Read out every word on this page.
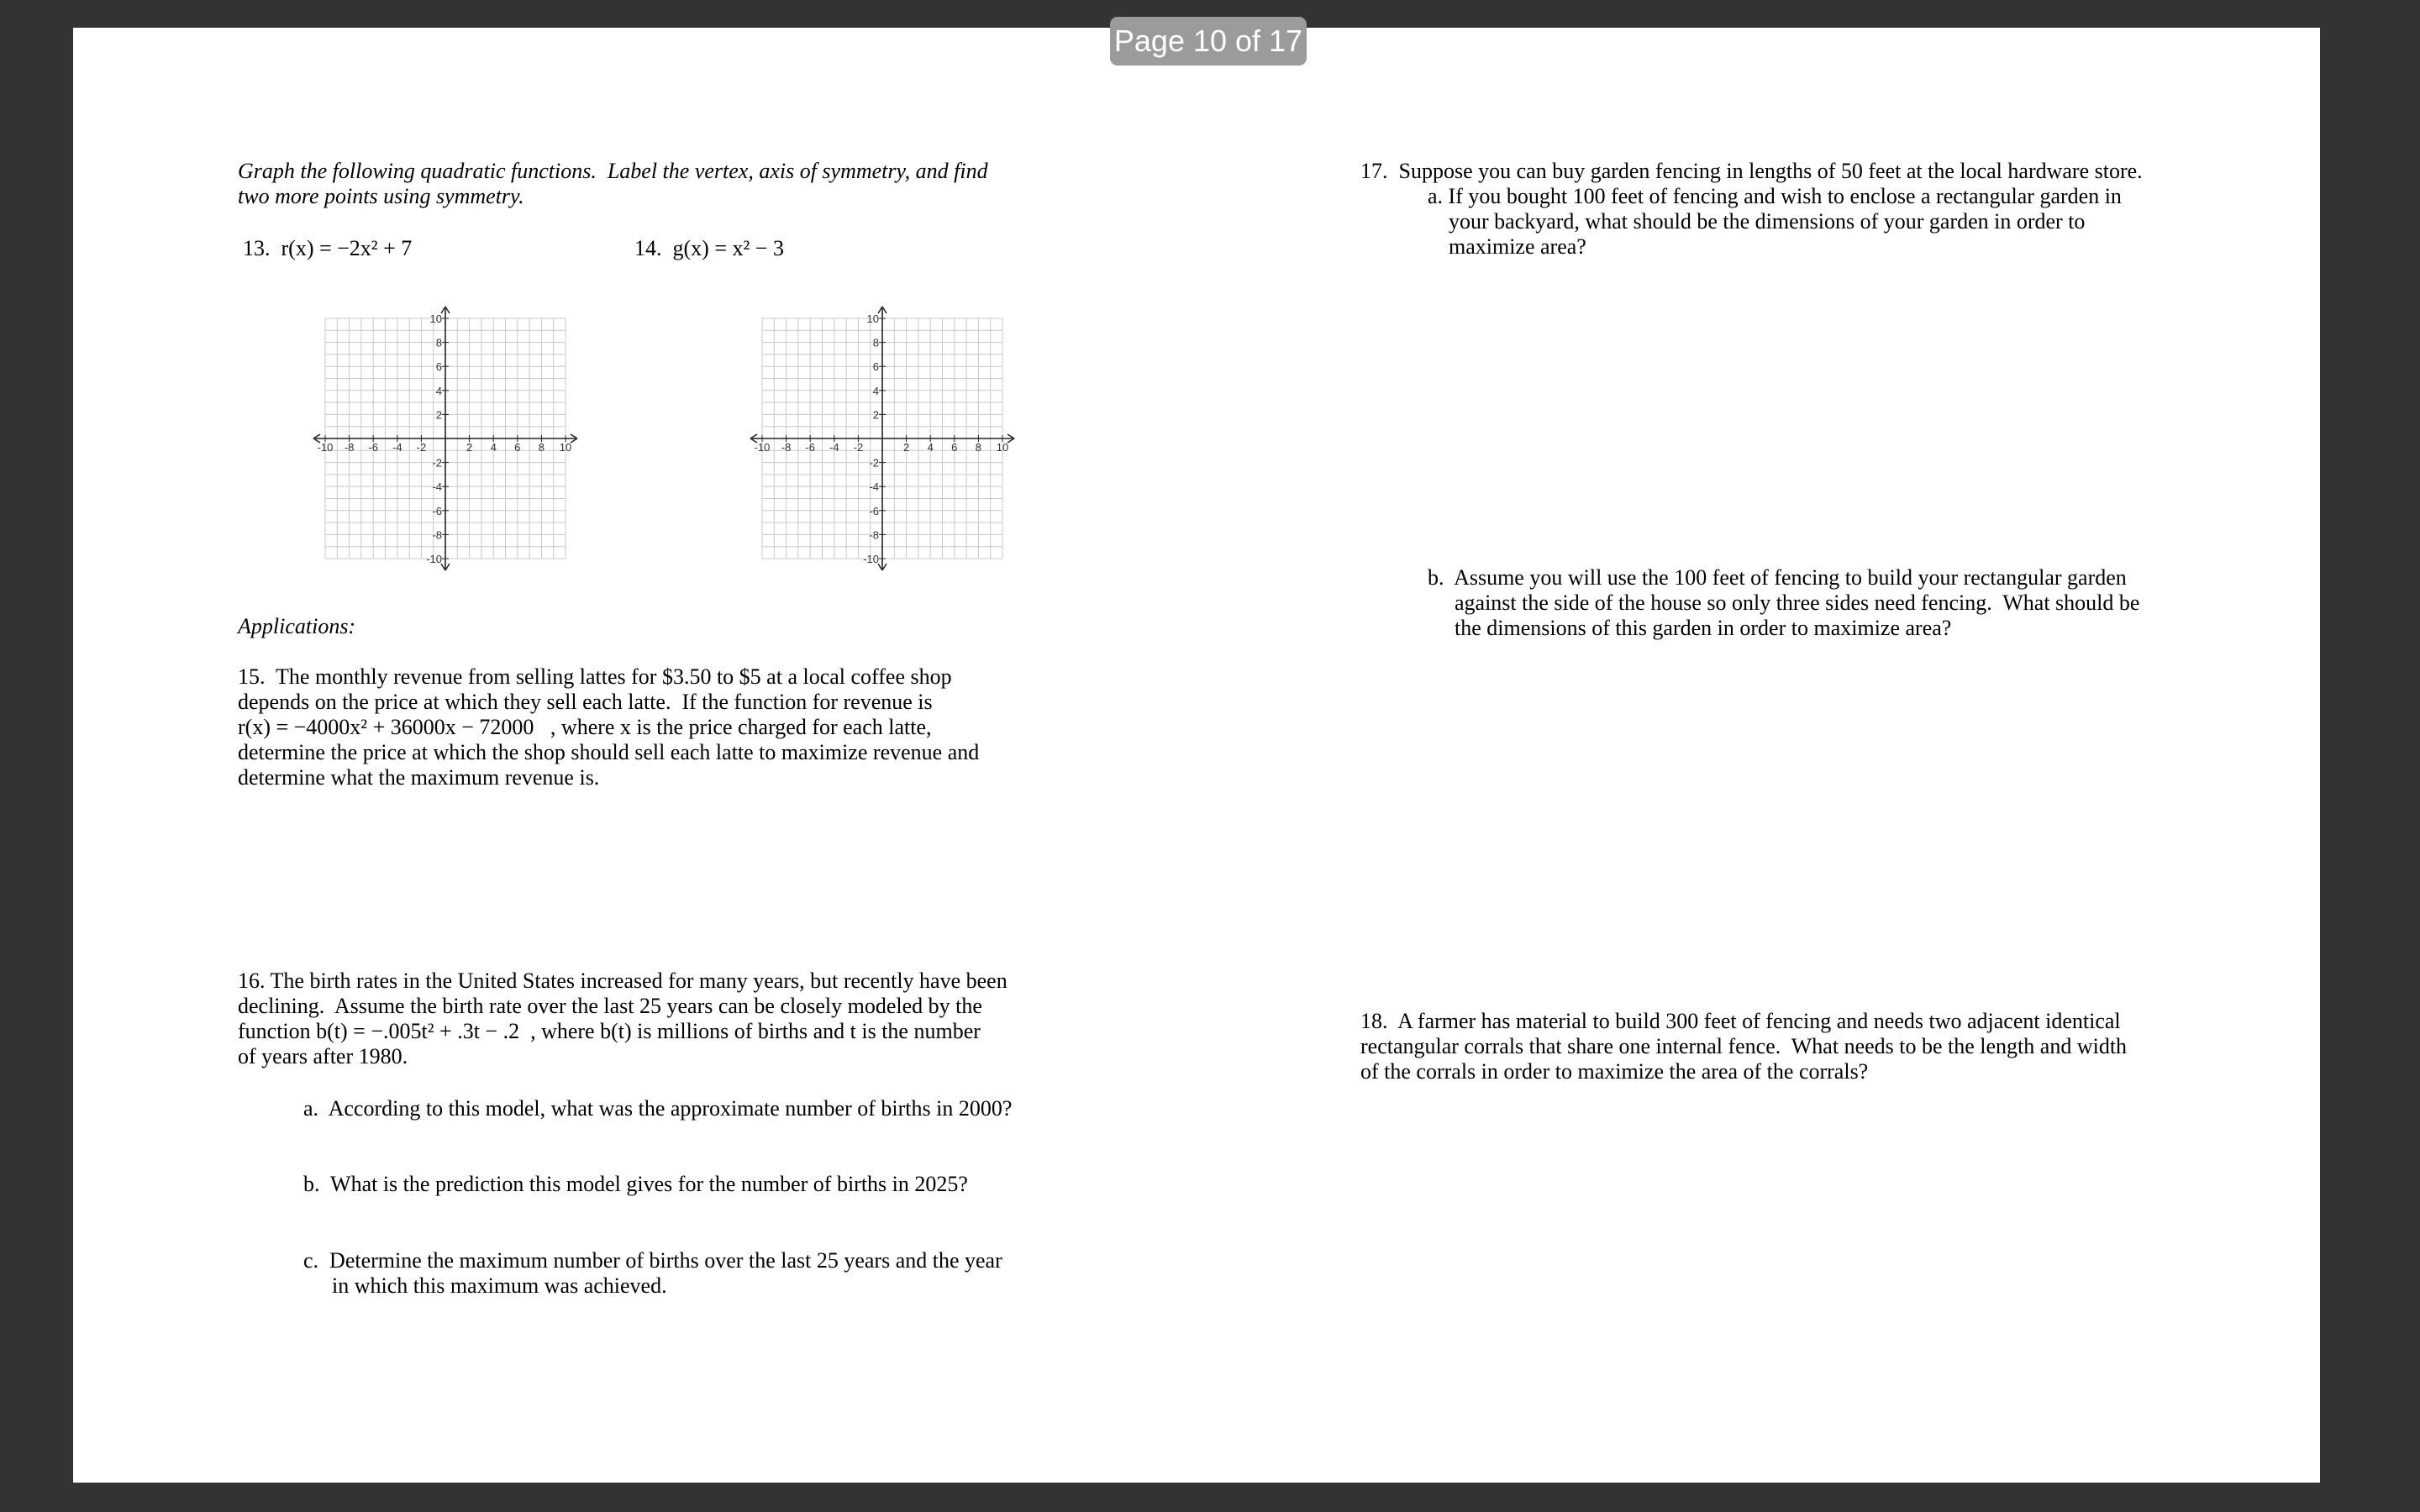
Page 10 of 17
Graph the following quadratic functions.  Label the vertex, axis of symmetry, and find
two more points using symmetry.
13.  r(x) = −2x² + 7	14.  g(x) = x² − 3
-10 -8 -6 -4 -2	2 4 6 8 10
10
8
6
4
2
-2
-4
-6
-8
-10
-10 -8 -6 -4 -2	2 4 6 8 10
10
8
6
4
2
-2
-4
-6
-8
-10
Applications:
15.  The monthly revenue from selling lattes for $3.50 to $5 at a local coffee shop
depends on the price at which they sell each latte.  If the function for revenue is
r(x) = −4000x² + 36000x − 72000   , where x is the price charged for each latte,
determine the price at which the shop should sell each latte to maximize revenue and
determine what the maximum revenue is.
16. The birth rates in the United States increased for many years, but recently have been
declining.  Assume the birth rate over the last 25 years can be closely modeled by the
function b(t) = −.005t² + .3t − .2  , where b(t) is millions of births and t is the number
of years after 1980.
a.  According to this model, what was the approximate number of births in 2000?
b.  What is the prediction this model gives for the number of births in 2025?
c.  Determine the maximum number of births over the last 25 years and the year
in which this maximum was achieved.
17.  Suppose you can buy garden fencing in lengths of 50 feet at the local hardware store.
a. If you bought 100 feet of fencing and wish to enclose a rectangular garden in
your backyard, what should be the dimensions of your garden in order to
maximize area?
b.  Assume you will use the 100 feet of fencing to build your rectangular garden
against the side of the house so only three sides need fencing.  What should be
the dimensions of this garden in order to maximize area?
18.  A farmer has material to build 300 feet of fencing and needs two adjacent identical
rectangular corrals that share one internal fence.  What needs to be the length and width
of the corrals in order to maximize the area of the corrals?
